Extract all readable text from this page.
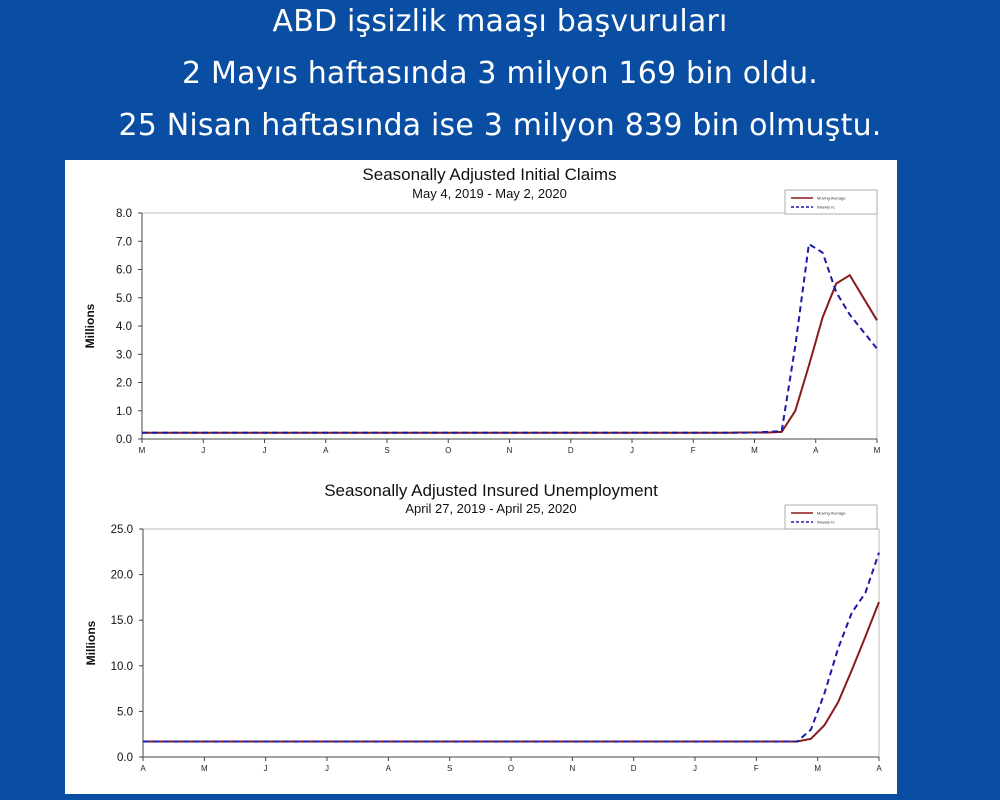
ABD işsizlik maaşı başvuruları
2 Mayıs haftasında 3 milyon 169 bin oldu.
25 Nisan haftasında ise 3 milyon 839 bin olmuştu.
Seasonally Adjusted Initial Claims
May 4, 2019 - May 2, 2020
0.0
1.0
2.0
3.0
4.0
5.0
6.0
7.0
8.0
Millions
M	J	J	A	S	O	N	D	J	F	M	A	M
Moving Average
Weekly IC
Seasonally Adjusted Insured Unemployment
April 27, 2019 - April 25, 2020
0.0
5.0
10.0
15.0
20.0
25.0
Millions
A	M	J	J	A	S	O	N	D	J	F	M	A
Moving Average
Weekly IC
